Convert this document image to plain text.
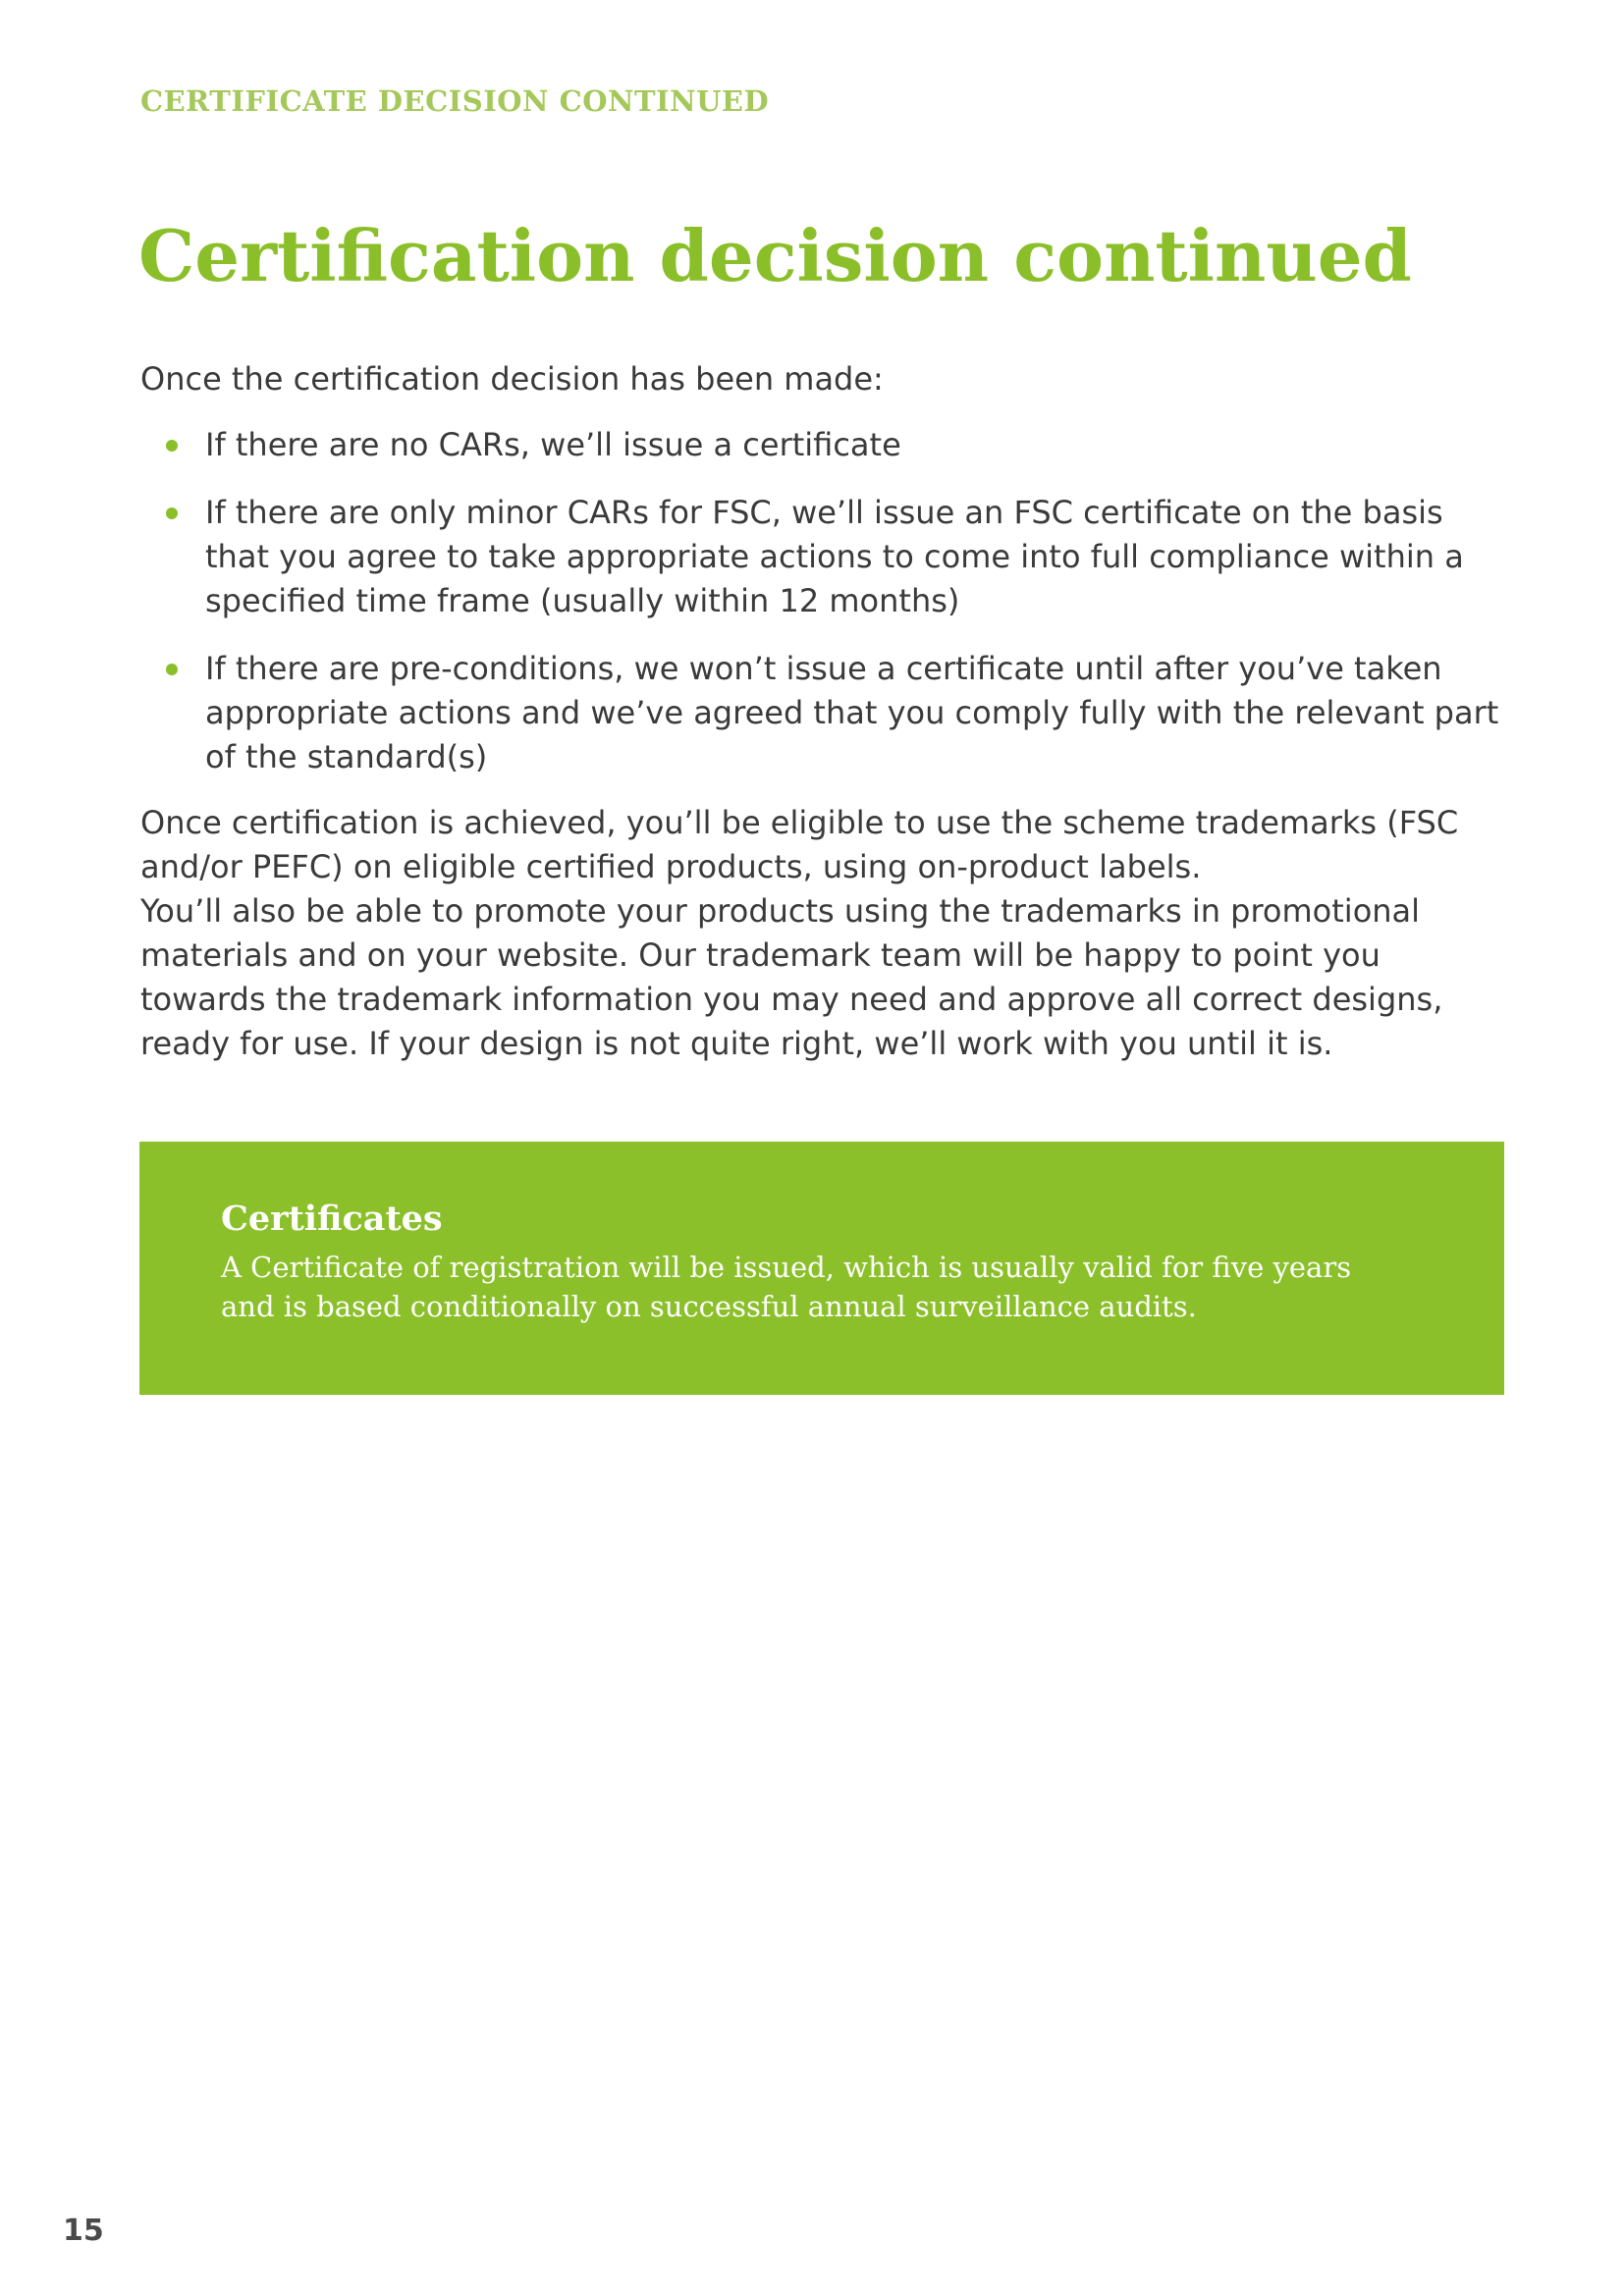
CERTIFICATE DECISION CONTINUED
Certification decision continued

Once the certification decision has been made:

If there are no CARs, we’ll issue a certificate
If there are only minor CARs for FSC, we’ll issue an FSC certificate on the basis that you agree to take appropriate actions to come into full compliance within a specified time frame (usually within 12 months)
If there are pre-conditions, we won’t issue a certificate until after you’ve taken appropriate actions and we’ve agreed that you comply fully with the relevant part of the standard(s)

Once certification is achieved, you’ll be eligible to use the scheme trademarks (FSC and/or PEFC) on eligible certified products, using on-product labels.
You’ll also be able to promote your products using the trademarks in promotional materials and on your website. Our trademark team will be happy to point you towards the trademark information you may need and approve all correct designs, ready for use. If your design is not quite right, we’ll work with you until it is.

Certificates

A Certificate of registration will be issued, which is usually valid for five years and is based conditionally on successful annual surveillance audits.

15
